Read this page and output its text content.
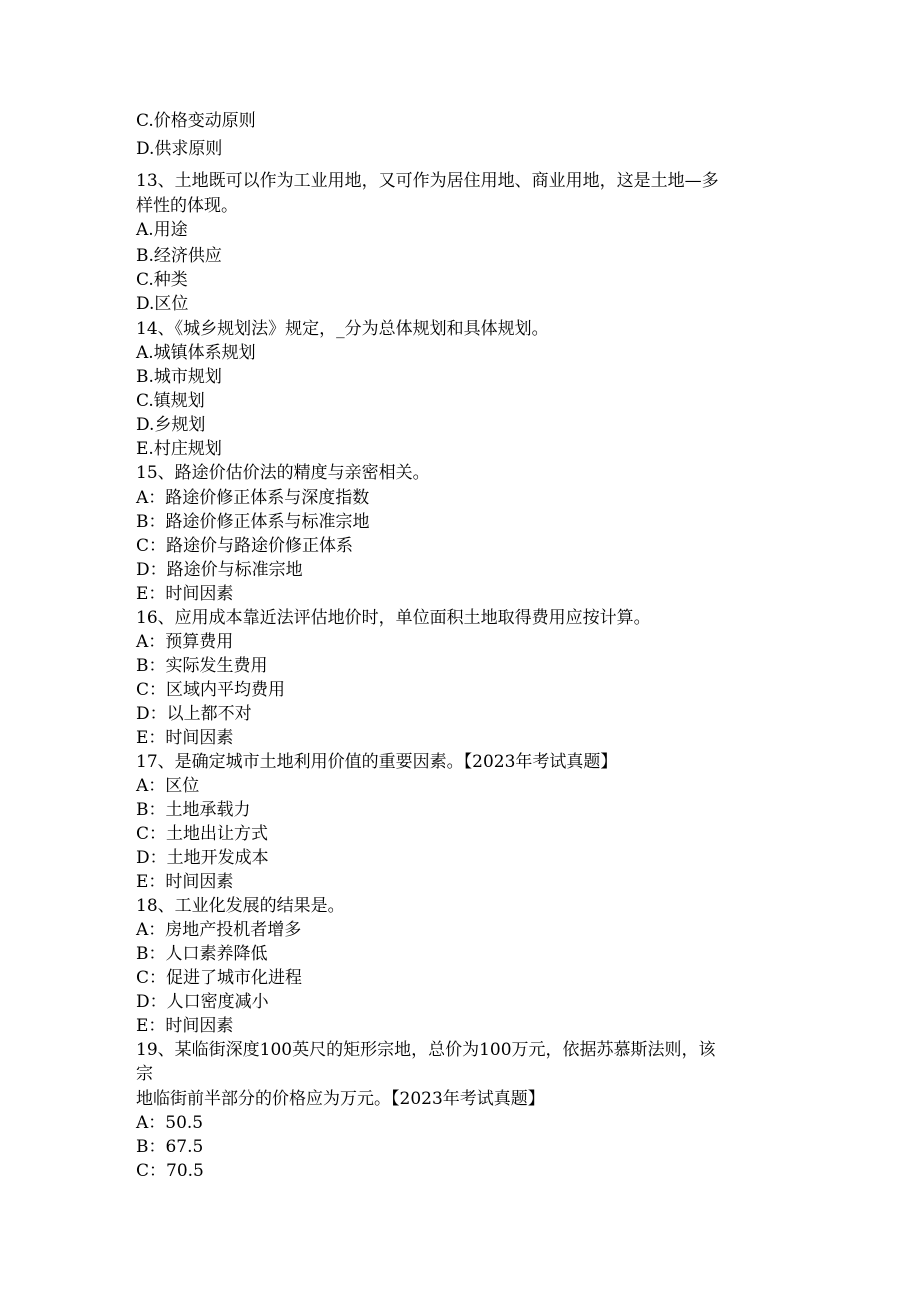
C.价格变动原则
D.供求原则
13、土地既可以作为工业用地，又可作为居住用地、商业用地，这是土地—多
样性的体现。
A.用途
B.经济供应
C.种类
D.区位
14、《城乡规划法》规定，_分为总体规划和具体规划。
A.城镇体系规划
B.城市规划
C.镇规划
D.乡规划
E.村庄规划
15、路途价估价法的精度与亲密相关。
A：路途价修正体系与深度指数
B：路途价修正体系与标准宗地
C：路途价与路途价修正体系
D：路途价与标准宗地
E：时间因素
16、应用成本靠近法评估地价时，单位面积土地取得费用应按计算。
A：预算费用
B：实际发生费用
C：区域内平均费用
D：以上都不对
E：时间因素
17、是确定城市土地利用价值的重要因素。【2023年考试真题】
A：区位
B：土地承载力
C：土地出让方式
D：土地开发成本
E：时间因素
18、工业化发展的结果是。
A：房地产投机者增多
B：人口素养降低
C：促进了城市化进程
D：人口密度减小
E：时间因素
19、某临街深度100英尺的矩形宗地，总价为100万元，依据苏慕斯法则，该
宗
地临街前半部分的价格应为万元。【2023年考试真题】
A：50.5
B：67.5
C：70.5
